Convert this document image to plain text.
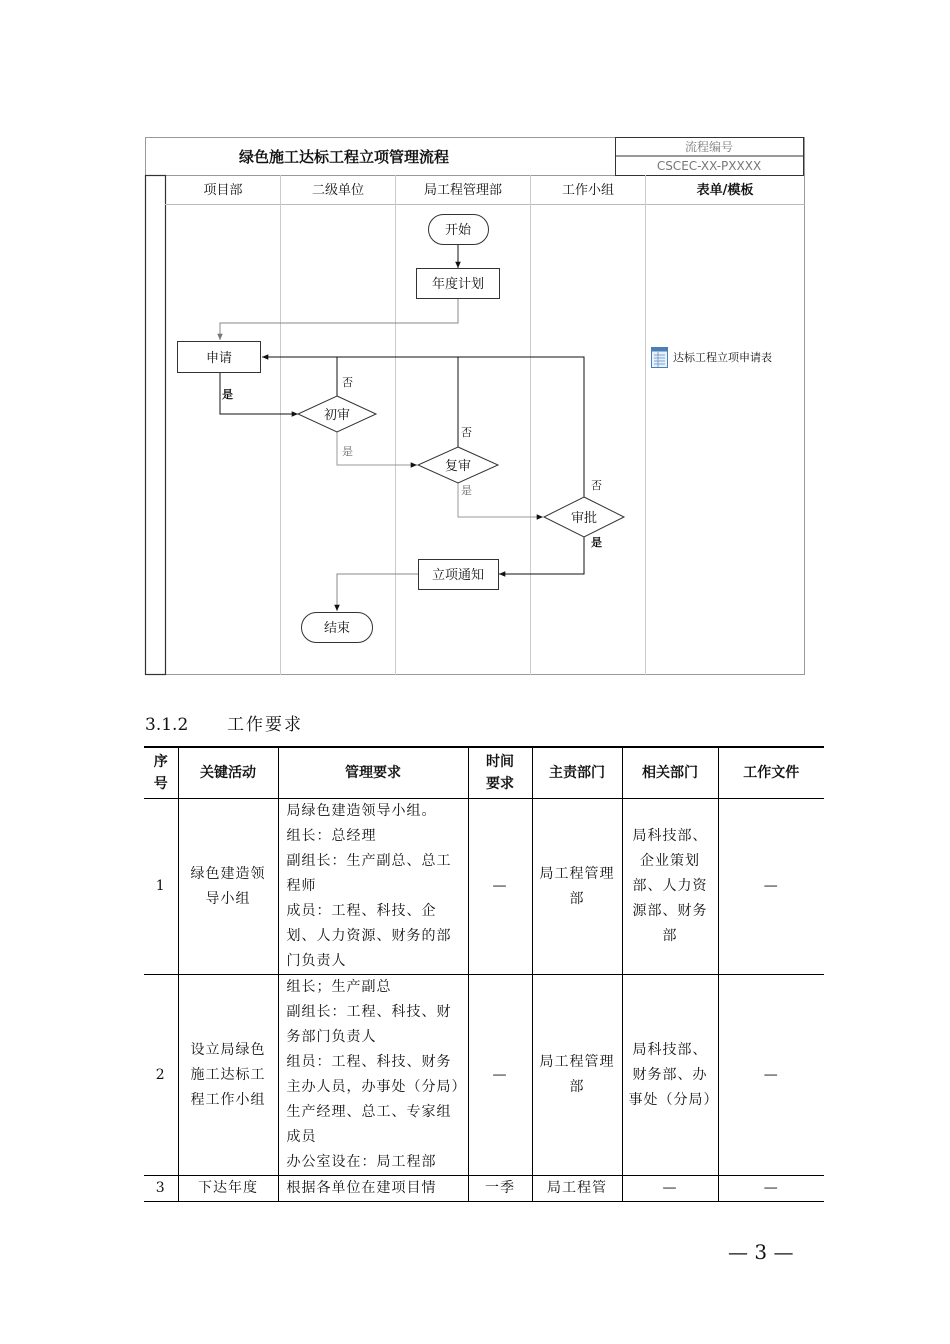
绿色施工达标工程立项管理流程
流程编号
CSCEC-XX-PXXXX
项目部	二级单位	局工程管理部	工作小组	表单/模板
是
否
是
否
是	否
是
开始
年度计划
申请
初审
复审
审批
立项通知
结束
达标工程立项申请表
3.1.2 工作要求
序号	关键活动	管理要求	时间要求	主责部门	相关部门	工作文件
1	绿色建造领导小组	局绿色建造领导小组。
组长：总经理
副组长：生产副总、总工程师
成员：工程、科技、企划、人力资源、财务的部门负责人	—	局工程管理部	局科技部、企业策划部、人力资源部、财务部	—
2	设立局绿色施工达标工程工作小组	组长；生产副总
副组长：工程、科技、财务部门负责人
组员：工程、科技、财务主办人员，办事处（分局）生产经理、总工、专家组成员
办公室设在：局工程部	—	局工程管理部	局科技部、财务部、办事处（分局）	—
3	下达年度	根据各单位在建项目情	一季	局工程管	—	—
— 3 —
